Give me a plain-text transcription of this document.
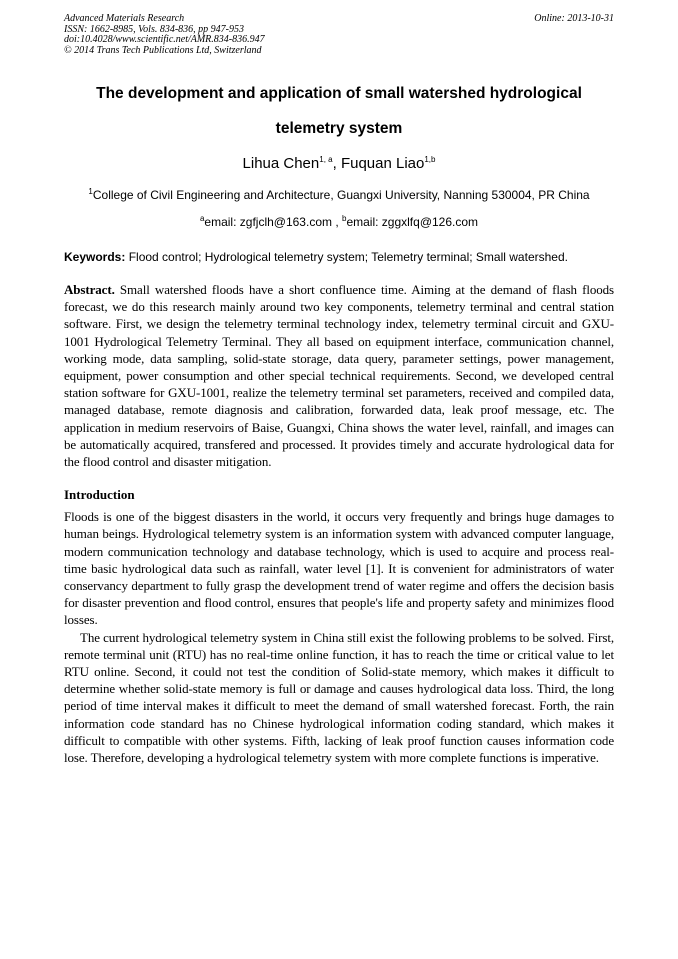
Advanced Materials Research
ISSN: 1662-8985, Vols. 834-836, pp 947-953
doi:10.4028/www.scientific.net/AMR.834-836.947
© 2014 Trans Tech Publications Ltd, Switzerland
Online: 2013-10-31
The development and application of small watershed hydrological
telemetry system
Lihua Chen$^{1, a}$, Fuquan Liao$^{1,b}$
$^1$College of Civil Engineering and Architecture, Guangxi University, Nanning 530004, PR China
$^a$email: zgfjclh@163.com , $^b$email: zggxlfq@126.com
Keywords: Flood control; Hydrological telemetry system; Telemetry terminal; Small watershed.

Abstract. Small watershed floods have a short confluence time. Aiming at the demand of flash floods forecast, we do this research mainly around two key components, telemetry terminal and central station software. First, we design the telemetry terminal technology index, telemetry terminal circuit and GXU-1001 Hydrological Telemetry Terminal. They all based on equipment interface, communication channel, working mode, data sampling, solid-state storage, data query, parameter settings, power management, equipment, power consumption and other special technical requirements. Second, we developed central station software for GXU-1001, realize the telemetry terminal set parameters, received and compiled data, managed database, remote diagnosis and calibration, forwarded data, leak proof message, etc. The application in medium reservoirs of Baise, Guangxi, China shows the water level, rainfall, and images can be automatically acquired, transfered and processed. It provides timely and accurate hydrological data for the flood control and disaster mitigation.

Introduction

Floods is one of the biggest disasters in the world, it occurs very frequently and brings huge damages to human beings. Hydrological telemetry system is an information system with advanced computer language, modern communication technology and database technology, which is used to acquire and process real-time basic hydrological data such as rainfall, water level [1]. It is convenient for administrators of water conservancy department to fully grasp the development trend of water regime and offers the decision basis for disaster prevention and flood control, ensures that people's life and property safety and minimizes flood losses.

The current hydrological telemetry system in China still exist the following problems to be solved. First, remote terminal unit (RTU) has no real-time online function, it has to reach the time or critical value to let RTU online. Second, it could not test the condition of Solid-state memory, which makes it difficult to determine whether solid-state memory is full or damage and causes hydrological data loss. Third, the long period of time interval makes it difficult to meet the demand of small watershed forecast. Forth, the rain information code standard has no Chinese hydrological information coding standard, which makes it difficult to compatible with other systems. Fifth, lacking of leak proof function causes information code lose. Therefore, developing a hydrological telemetry system with more complete functions is imperative.
